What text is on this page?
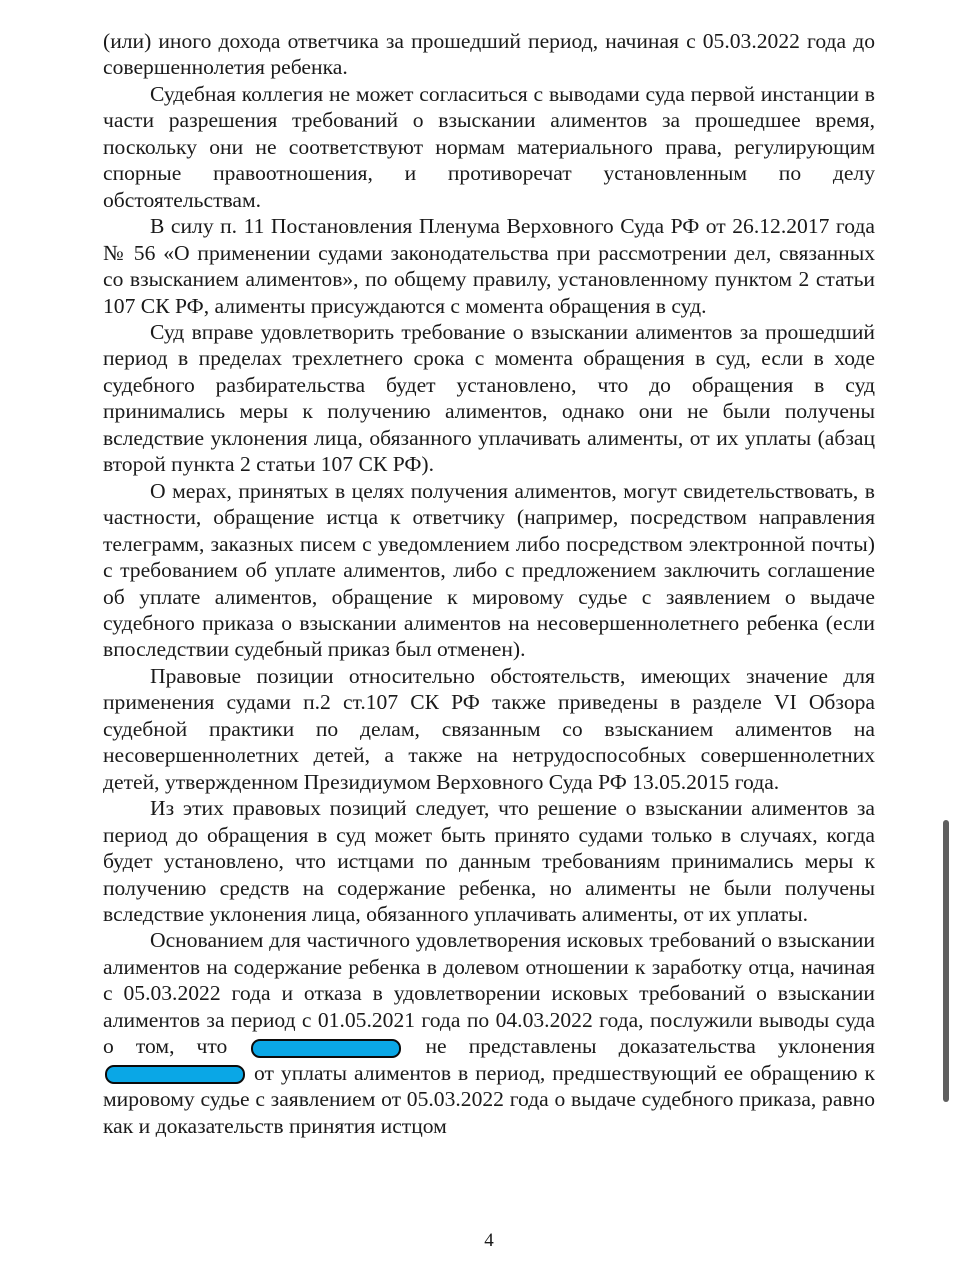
(или) иного дохода ответчика за прошедший период, начиная с 05.03.2022 года до совершеннолетия ребенка.

Судебная коллегия не может согласиться с выводами суда первой инстанции в части разрешения требований о взыскании алиментов за прошедшее время, поскольку они не соответствуют нормам материального права, регулирующим спорные правоотношения, и противоречат установленным по делу обстоятельствам.

В силу п. 11 Постановления Пленума Верховного Суда РФ от 26.12.2017 года № 56 «О применении судами законодательства при рассмотрении дел, связанных со взысканием алиментов», по общему правилу, установленному пунктом 2 статьи 107 СК РФ, алименты присуждаются с момента обращения в суд.

Суд вправе удовлетворить требование о взыскании алиментов за прошедший период в пределах трехлетнего срока с момента обращения в суд, если в ходе судебного разбирательства будет установлено, что до обращения в суд принимались меры к получению алиментов, однако они не были получены вследствие уклонения лица, обязанного уплачивать алименты, от их уплаты (абзац второй пункта 2 статьи 107 СК РФ).

О мерах, принятых в целях получения алиментов, могут свидетельствовать, в частности, обращение истца к ответчику (например, посредством направления телеграмм, заказных писем с уведомлением либо посредством электронной почты) с требованием об уплате алиментов, либо с предложением заключить соглашение об уплате алиментов, обращение к мировому судье с заявлением о выдаче судебного приказа о взыскании алиментов на несовершеннолетнего ребенка (если впоследствии судебный приказ был отменен).

Правовые позиции относительно обстоятельств, имеющих значение для применения судами п.2 ст.107 СК РФ также приведены в разделе VI Обзора судебной практики по делам, связанным со взысканием алиментов на несовершеннолетних детей, а также на нетрудоспособных совершеннолетних детей, утвержденном Президиумом Верховного Суда РФ 13.05.2015 года.

Из этих правовых позиций следует, что решение о взыскании алиментов за период до обращения в суд может быть принято судами только в случаях, когда будет установлено, что истцами по данным требованиям принимались меры к получению средств на содержание ребенка, но алименты не были получены вследствие уклонения лица, обязанного уплачивать алименты, от их уплаты.

Основанием для частичного удовлетворения исковых требований о взыскании алиментов на содержание ребенка в долевом отношении к заработку отца, начиная с 05.03.2022 года и отказа в удовлетворении исковых требований о взыскании алиментов за период с 01.05.2021 года по 04.03.2022 года, послужили выводы суда о том, что	не представлены доказательства уклонения  от уплаты алиментов в период, предшествующий ее обращению к мировому судье с заявлением от 05.03.2022 года о выдаче судебного приказа, равно как и доказательств принятия истцом

4
